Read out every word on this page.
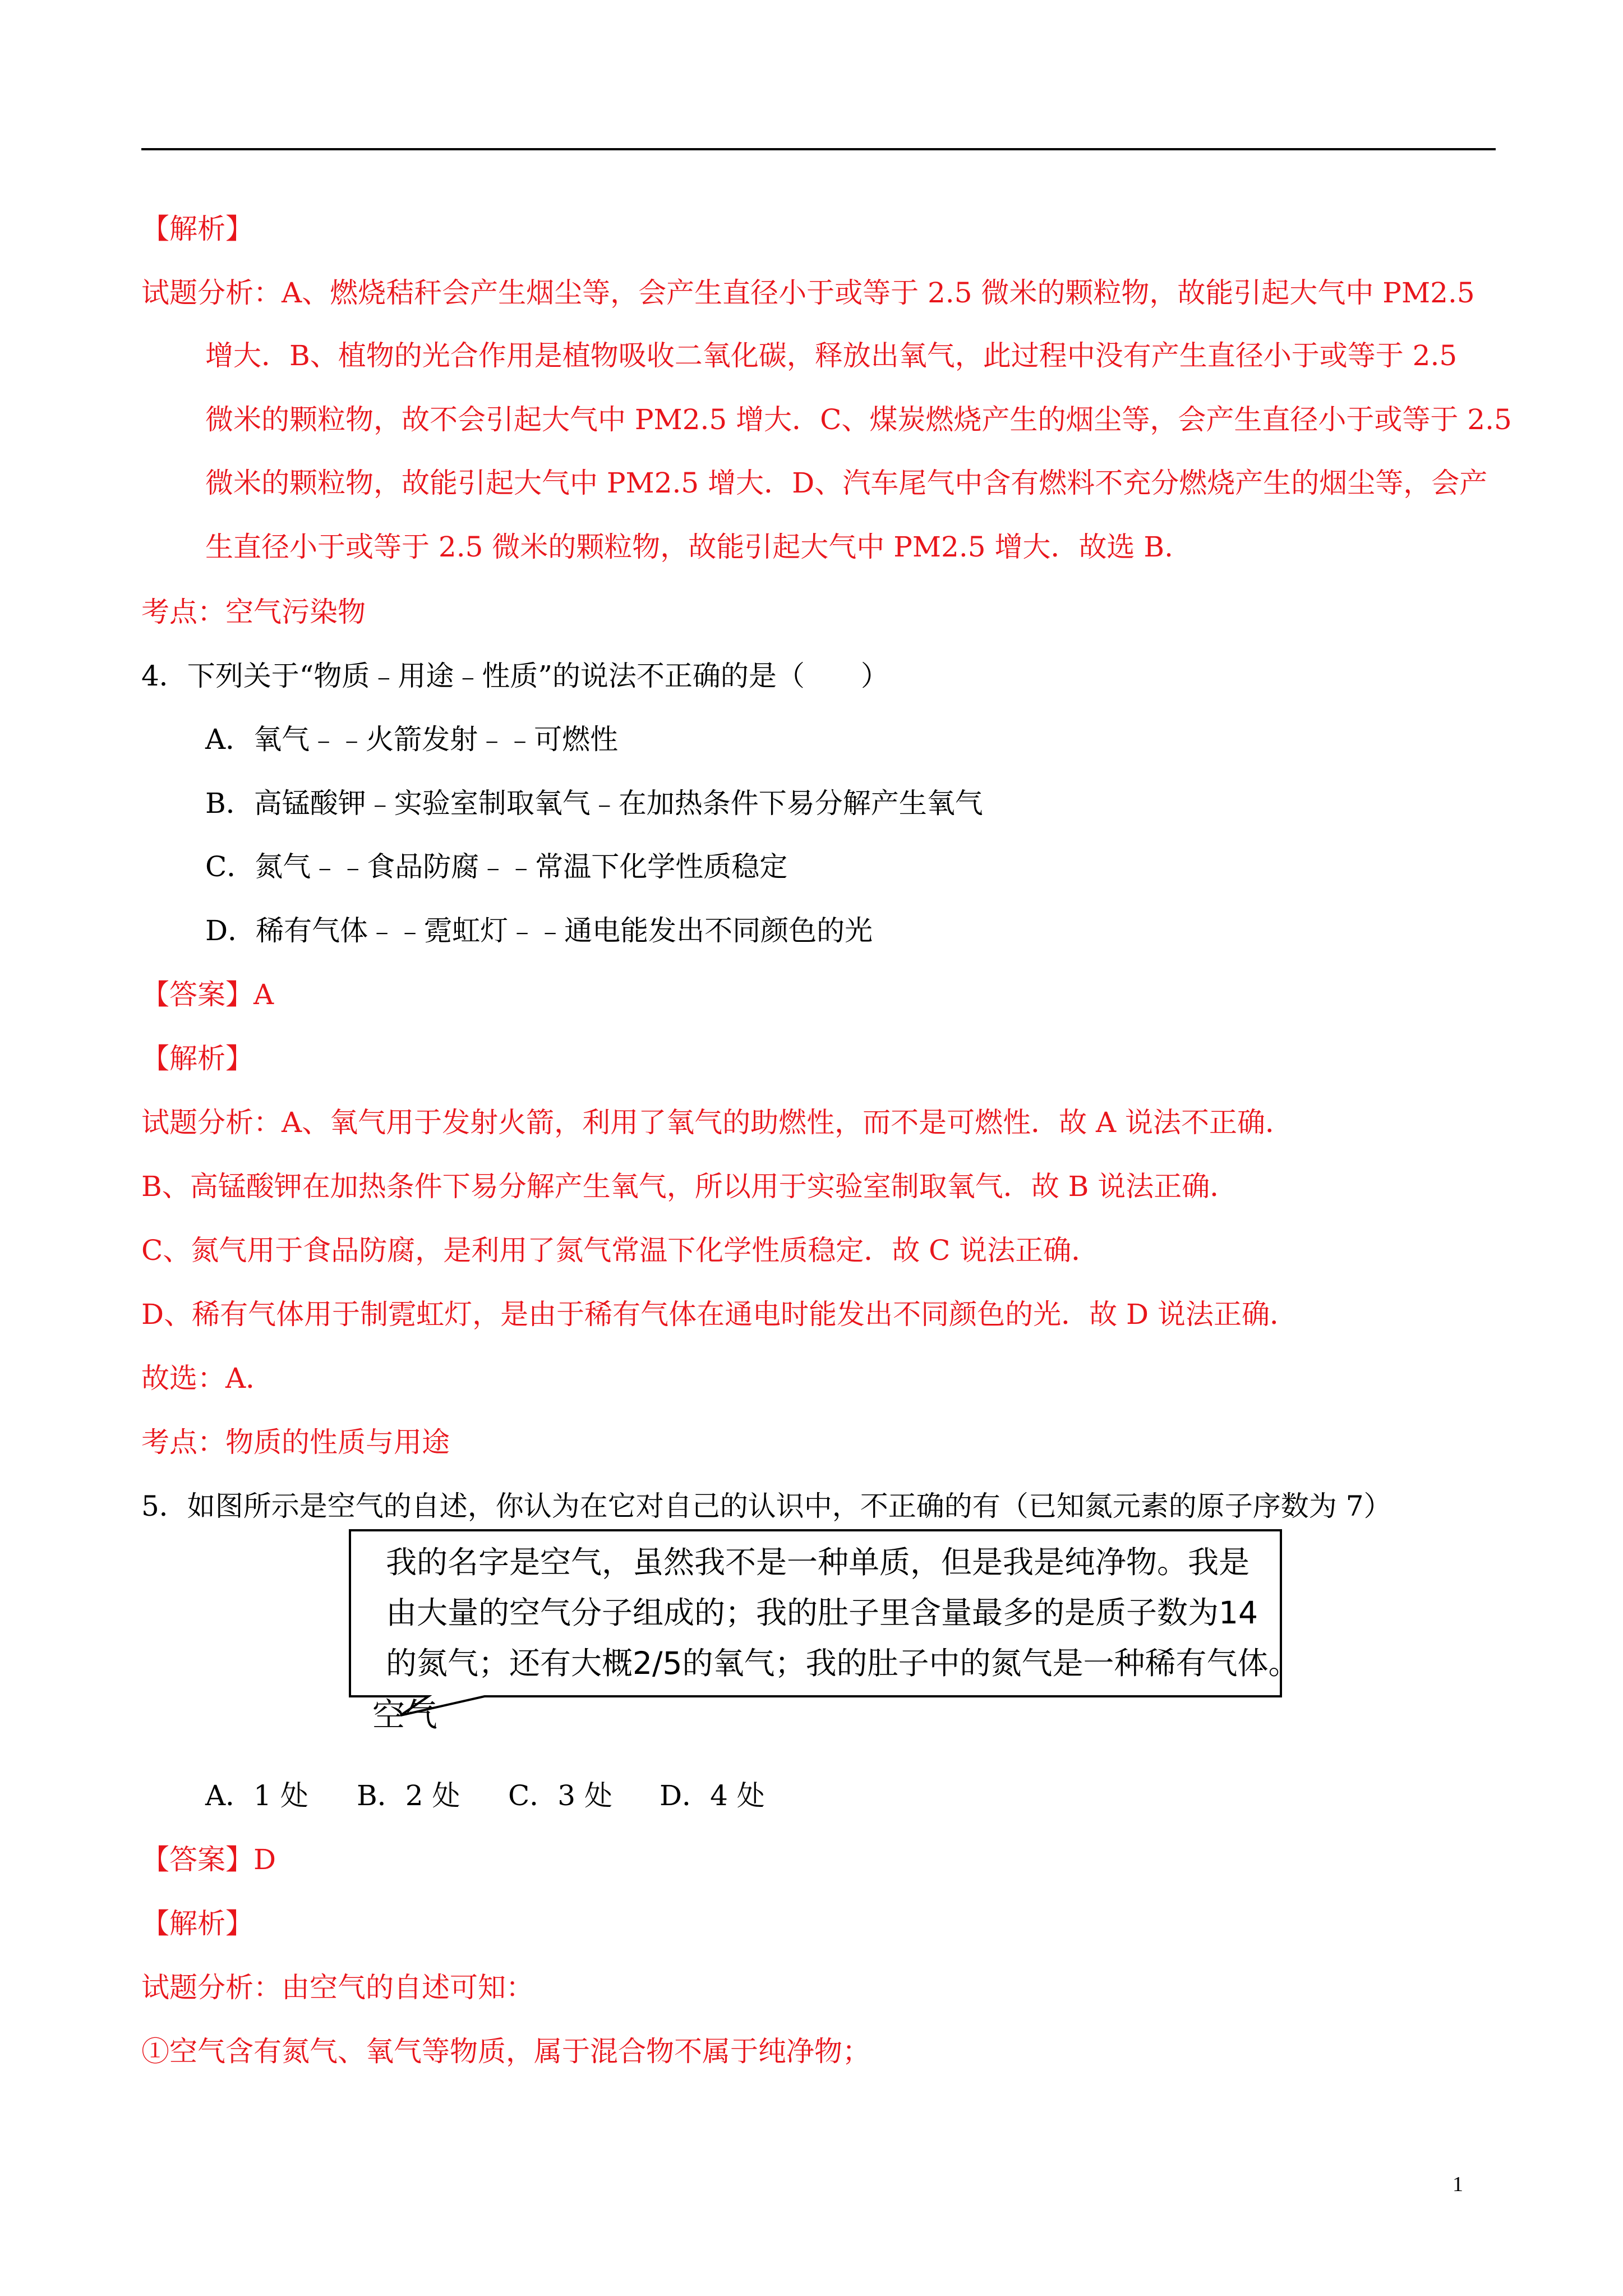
【解析】
试题分析：A、燃烧秸秆会产生烟尘等，会产生直径小于或等于 2.5 微米的颗粒物，故能引起大气中 PM2.5
增大．B、植物的光合作用是植物吸收二氧化碳，释放出氧气，此过程中没有产生直径小于或等于 2.5
微米的颗粒物，故不会引起大气中 PM2.5 增大．C、煤炭燃烧产生的烟尘等，会产生直径小于或等于 2.5
微米的颗粒物，故能引起大气中 PM2.5 增大．D、汽车尾气中含有燃料不充分燃烧产生的烟尘等，会产
生直径小于或等于 2.5 微米的颗粒物，故能引起大气中 PM2.5 增大．故选 B.
考点：空气污染物
4．下列关于“物质﹣用途﹣性质”的说法不正确的是（　　）
A．氧气﹣﹣火箭发射﹣﹣可燃性
B．高锰酸钾﹣实验室制取氧气﹣在加热条件下易分解产生氧气
C．氮气﹣﹣食品防腐﹣﹣常温下化学性质稳定
D．稀有气体﹣﹣霓虹灯﹣﹣通电能发出不同颜色的光
【答案】A
【解析】
试题分析：A、氧气用于发射火箭，利用了氧气的助燃性，而不是可燃性．故 A 说法不正确．
B、高锰酸钾在加热条件下易分解产生氧气，所以用于实验室制取氧气．故 B 说法正确．
C、氮气用于食品防腐，是利用了氮气常温下化学性质稳定．故 C 说法正确．
D、稀有气体用于制霓虹灯，是由于稀有气体在通电时能发出不同颜色的光．故 D 说法正确．
故选：A．
考点：物质的性质与用途
5．如图所示是空气的自述，你认为在它对自己的认识中，不正确的有（已知氮元素的原子序数为 7）
我的名字是空气，虽然我不是一种单质，但是我是纯净物。我是
由大量的空气分子组成的；我的肚子里含量最多的是质子数为14
的氮气；还有大概2/5的氧气；我的肚子中的氮气是一种稀有气体。
空气
A．1 处 B．2 处 C．3 处 D．4 处
【答案】D
【解析】
试题分析：由空气的自述可知：
①空气含有氮气、氧气等物质，属于混合物不属于纯净物；
1
